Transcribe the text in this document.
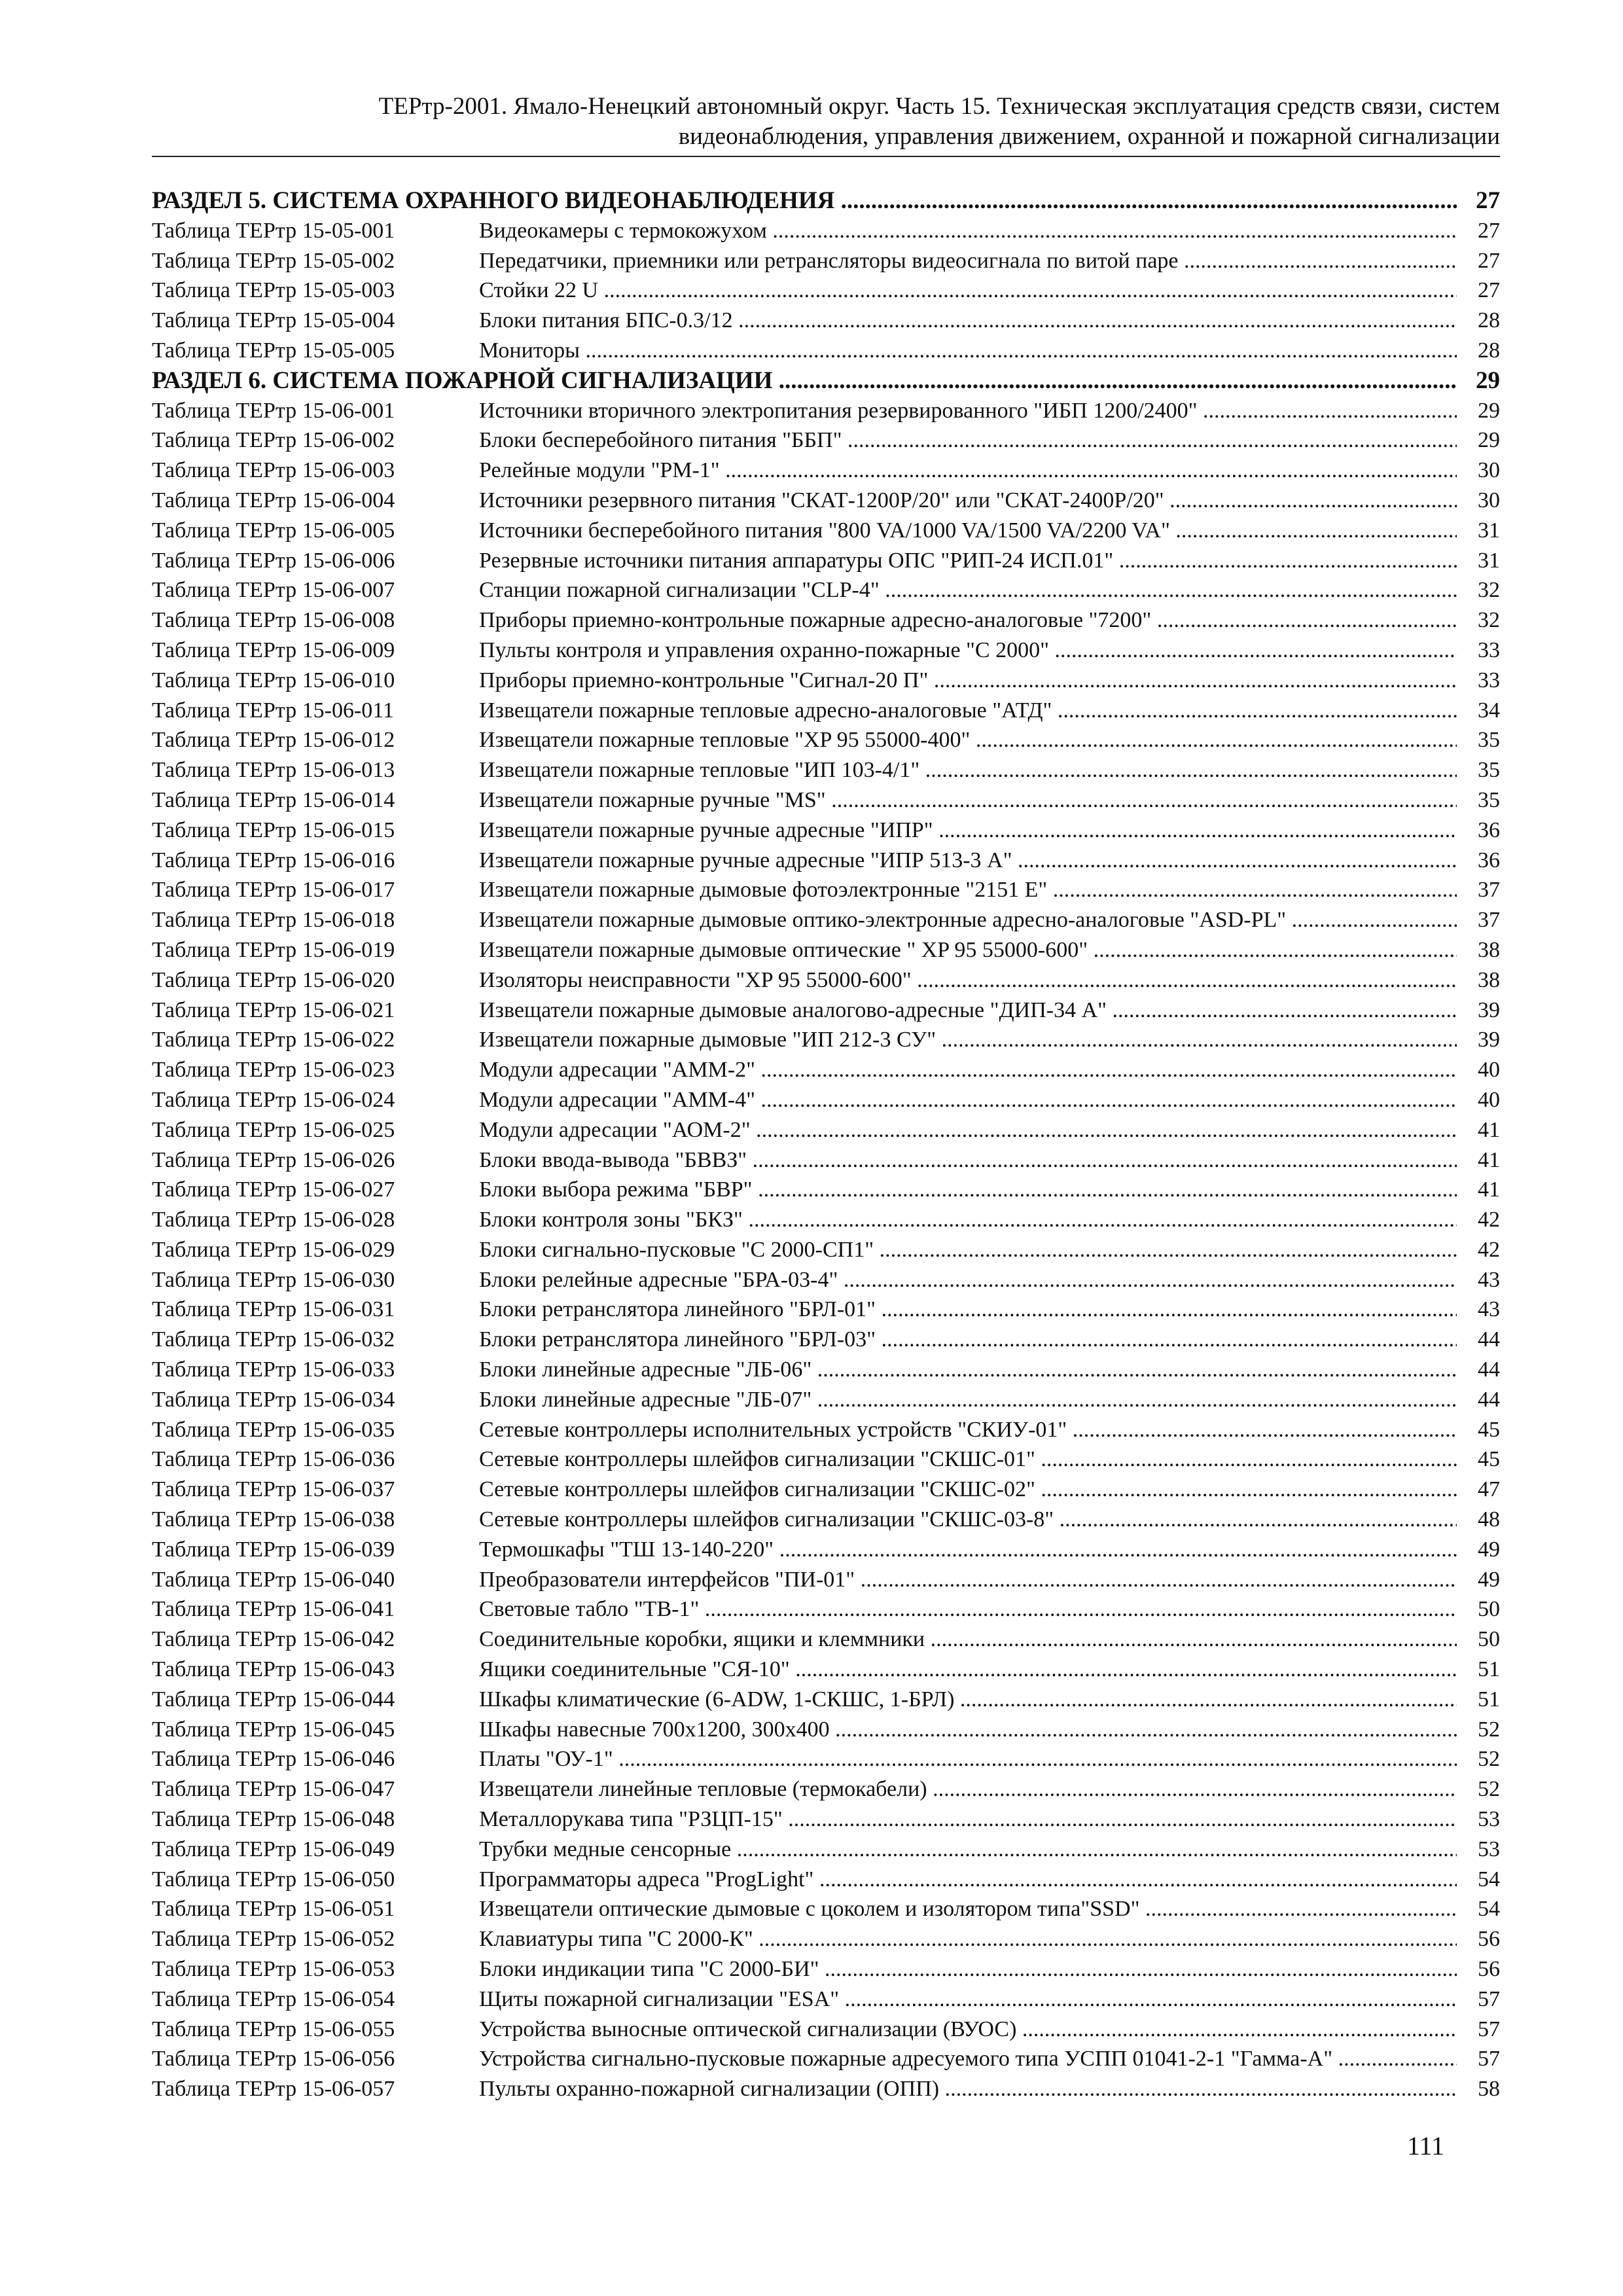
ТЕРтр-2001. Ямало-Ненецкий автономный округ. Часть 15. Техническая эксплуатация средств связи, систем
видеонаблюдения, управления движением, охранной и пожарной сигнализации
РАЗДЕЛ 5. СИСТЕМА ОХРАННОГО ВИДЕОНАБЛЮДЕНИЯ .....	27
Таблица ТЕРтр 15-05-001	Видеокамеры с термокожухом .....	27
Таблица ТЕРтр 15-05-002	Передатчики, приемники или ретрансляторы видеосигнала по витой паре .....	27
Таблица ТЕРтр 15-05-003	Стойки 22 U .....	27
Таблица ТЕРтр 15-05-004	Блоки питания БПС-0.3/12 .....	28
Таблица ТЕРтр 15-05-005	Мониторы .....	28
РАЗДЕЛ 6. СИСТЕМА ПОЖАРНОЙ СИГНАЛИЗАЦИИ .....	29
Таблица ТЕРтр 15-06-001	Источники вторичного электропитания резервированного "ИБП 1200/2400" .....	29
Таблица ТЕРтр 15-06-002	Блоки бесперебойного питания "ББП" .....	29
Таблица ТЕРтр 15-06-003	Релейные модули "РМ-1" .....	30
Таблица ТЕРтр 15-06-004	Источники резервного питания "СКАТ-1200Р/20" или "СКАТ-2400Р/20" .....	30
Таблица ТЕРтр 15-06-005	Источники бесперебойного питания "800 VA/1000 VA/1500 VA/2200 VA" .....	31
Таблица ТЕРтр 15-06-006	Резервные источники питания аппаратуры ОПС "РИП-24 ИСП.01" .....	31
Таблица ТЕРтр 15-06-007	Станции пожарной сигнализации "CLP-4" .....	32
Таблица ТЕРтр 15-06-008	Приборы приемно-контрольные пожарные адресно-аналоговые "7200" .....	32
Таблица ТЕРтр 15-06-009	Пульты контроля и управления охранно-пожарные "С 2000" .....	33
Таблица ТЕРтр 15-06-010	Приборы приемно-контрольные "Сигнал-20 П" .....	33
Таблица ТЕРтр 15-06-011	Извещатели пожарные тепловые адресно-аналоговые "АТД" .....	34
Таблица ТЕРтр 15-06-012	Извещатели пожарные тепловые "XP 95 55000-400" .....	35
Таблица ТЕРтр 15-06-013	Извещатели пожарные тепловые "ИП 103-4/1" .....	35
Таблица ТЕРтр 15-06-014	Извещатели пожарные ручные "MS" .....	35
Таблица ТЕРтр 15-06-015	Извещатели пожарные ручные адресные "ИПР" .....	36
Таблица ТЕРтр 15-06-016	Извещатели пожарные ручные адресные "ИПР 513-3 А" .....	36
Таблица ТЕРтр 15-06-017	Извещатели пожарные дымовые фотоэлектронные "2151 Е" .....	37
Таблица ТЕРтр 15-06-018	Извещатели пожарные дымовые оптико-электронные адресно-аналоговые "ASD-PL" .....	37
Таблица ТЕРтр 15-06-019	Извещатели пожарные дымовые оптические " XP 95 55000-600" .....	38
Таблица ТЕРтр 15-06-020	Изоляторы неисправности "XP 95 55000-600" .....	38
Таблица ТЕРтр 15-06-021	Извещатели пожарные дымовые аналогово-адресные "ДИП-34 А" .....	39
Таблица ТЕРтр 15-06-022	Извещатели пожарные дымовые "ИП 212-3 СУ" .....	39
Таблица ТЕРтр 15-06-023	Модули адресации "АММ-2" .....	40
Таблица ТЕРтр 15-06-024	Модули адресации "АММ-4" .....	40
Таблица ТЕРтр 15-06-025	Модули адресации "АОМ-2" .....	41
Таблица ТЕРтр 15-06-026	Блоки ввода-вывода "БВВЗ" .....	41
Таблица ТЕРтр 15-06-027	Блоки выбора режима "БВР" .....	41
Таблица ТЕРтр 15-06-028	Блоки контроля зоны "БКЗ" .....	42
Таблица ТЕРтр 15-06-029	Блоки сигнально-пусковые "С 2000-СП1" .....	42
Таблица ТЕРтр 15-06-030	Блоки релейные адресные "БРА-03-4" .....	43
Таблица ТЕРтр 15-06-031	Блоки ретранслятора линейного "БРЛ-01" .....	43
Таблица ТЕРтр 15-06-032	Блоки ретранслятора линейного "БРЛ-03" .....	44
Таблица ТЕРтр 15-06-033	Блоки линейные адресные "ЛБ-06" .....	44
Таблица ТЕРтр 15-06-034	Блоки линейные адресные "ЛБ-07" .....	44
Таблица ТЕРтр 15-06-035	Сетевые контроллеры исполнительных устройств "СКИУ-01" .....	45
Таблица ТЕРтр 15-06-036	Сетевые контроллеры шлейфов сигнализации "СКШС-01" .....	45
Таблица ТЕРтр 15-06-037	Сетевые контроллеры шлейфов сигнализации "СКШС-02" .....	47
Таблица ТЕРтр 15-06-038	Сетевые контроллеры шлейфов сигнализации "СКШС-03-8" .....	48
Таблица ТЕРтр 15-06-039	Термошкафы "ТШ 13-140-220" .....	49
Таблица ТЕРтр 15-06-040	Преобразователи интерфейсов "ПИ-01" .....	49
Таблица ТЕРтр 15-06-041	Световые табло "ТВ-1" .....	50
Таблица ТЕРтр 15-06-042	Соединительные коробки, ящики и клеммники .....	50
Таблица ТЕРтр 15-06-043	Ящики соединительные "СЯ-10" .....	51
Таблица ТЕРтр 15-06-044	Шкафы климатические (6-ADW, 1-СКШС, 1-БРЛ) .....	51
Таблица ТЕРтр 15-06-045	Шкафы навесные 700х1200, 300х400 .....	52
Таблица ТЕРтр 15-06-046	Платы "ОУ-1" .....	52
Таблица ТЕРтр 15-06-047	Извещатели линейные тепловые (термокабели) .....	52
Таблица ТЕРтр 15-06-048	Металлорукава типа "РЗЦП-15" .....	53
Таблица ТЕРтр 15-06-049	Трубки медные сенсорные .....	53
Таблица ТЕРтр 15-06-050	Программаторы адреса "ProgLight" .....	54
Таблица ТЕРтр 15-06-051	Извещатели оптические дымовые с цоколем и изолятором типа"SSD" .....	54
Таблица ТЕРтр 15-06-052	Клавиатуры типа "С 2000-К" .....	56
Таблица ТЕРтр 15-06-053	Блоки индикации типа "С 2000-БИ" .....	56
Таблица ТЕРтр 15-06-054	Щиты пожарной сигнализации "ESA" .....	57
Таблица ТЕРтр 15-06-055	Устройства выносные оптической сигнализации (ВУОС) .....	57
Таблица ТЕРтр 15-06-056	Устройства сигнально-пусковые пожарные адресуемого типа УСПП 01041-2-1 "Гамма-А" .....	57
Таблица ТЕРтр 15-06-057	Пульты охранно-пожарной сигнализации (ОПП) .....	58
111
